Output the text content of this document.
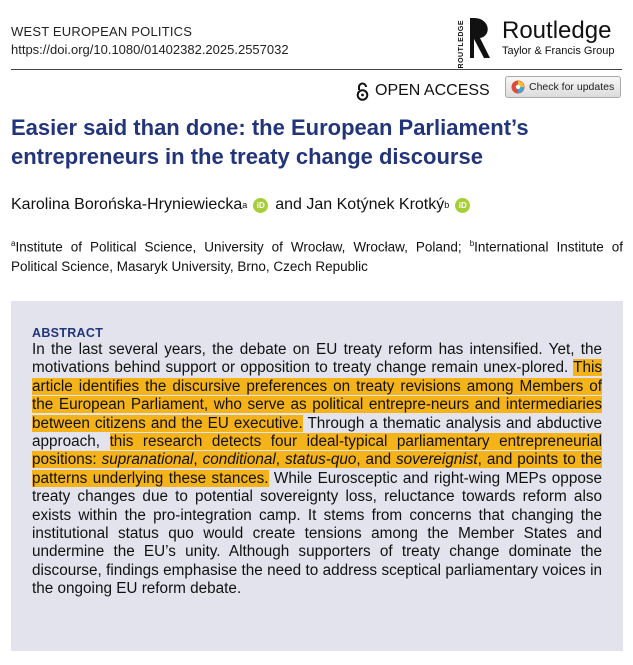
WEST EUROPEAN POLITICS
https://doi.org/10.1080/01402382.2025.2557032	ROUTLEDGE Routledge
Taylor & Francis Group
OPEN ACCESS	Check for updates
Easier said than done: the European Parliament’s entrepreneurs in the treaty change discourse
Karolina Borońska-Hryniewiecka a	iD and
Jan Kotýnek Krotký b	iD
$^a$Institute of Political Science, University of Wrocław, Wrocław, Poland; $^b$International Institute of Political Science, Masaryk University, Brno, Czech Republic
ABSTRACT

In the last several years, the debate on EU treaty reform has intensified. Yet, the motivations behind support or opposition to treaty change remain unex-plored. This article identifies the discursive preferences on treaty revisions among Members of the European Parliament, who serve as political entrepre-neurs and intermediaries between citizens and the EU executive. Through a thematic analysis and abductive approach, this research detects four ideal-typical parliamentary entrepreneurial positions: supranational, conditional, status-quo, and sovereignist, and points to the patterns underlying these stances. While Eurosceptic and right-wing MEPs oppose treaty changes due to potential sovereignty loss, reluctance towards reform also exists within the pro-integration camp. It stems from concerns that changing the institutional status quo would create tensions among the Member States and undermine the EU’s unity. Although supporters of treaty change dominate the discourse, findings emphasise the need to address sceptical parliamentary voices in the ongoing EU reform debate.
